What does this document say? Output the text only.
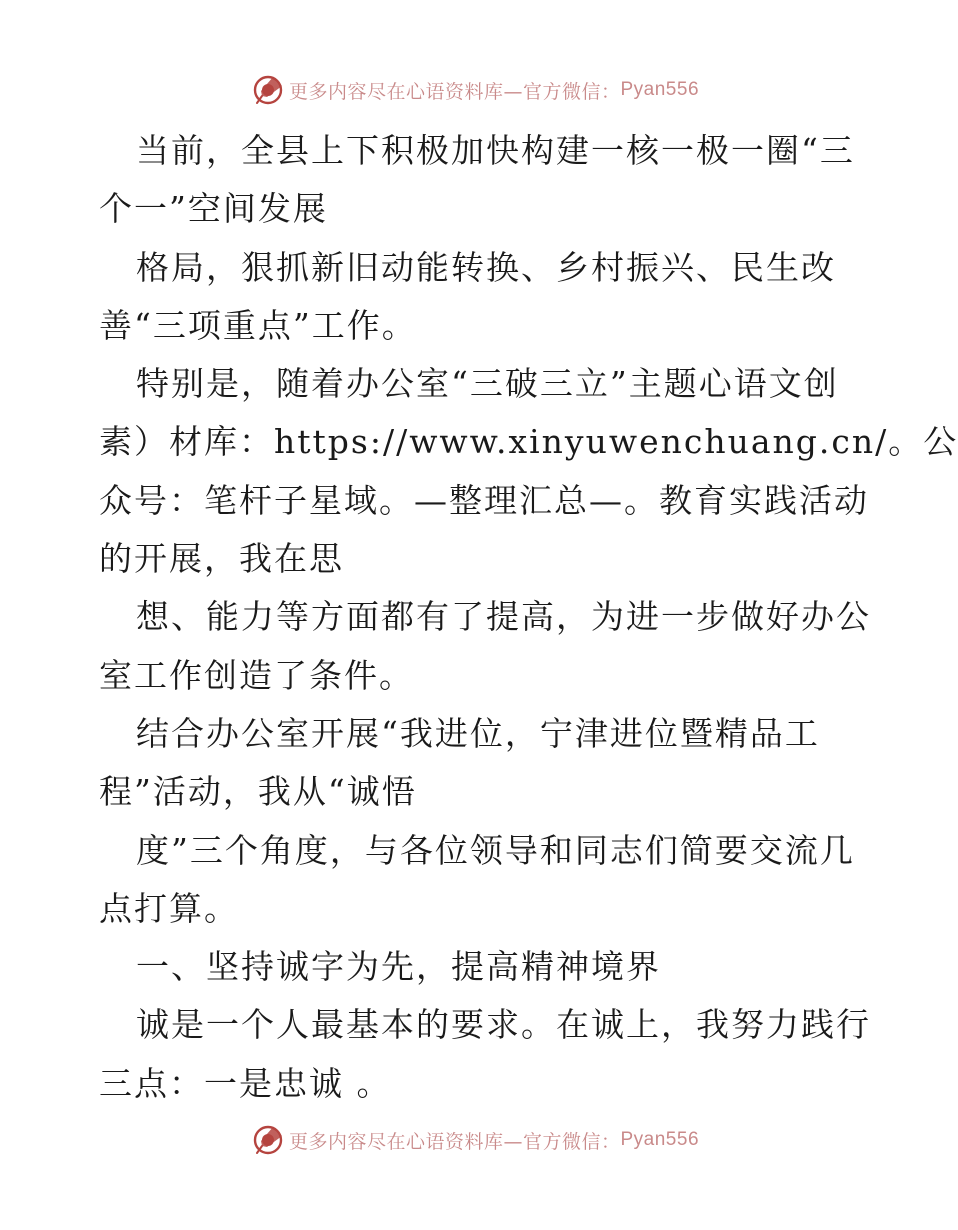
更多内容尽在心语资料库—官方微信： Pyan556
当前，全县上下积极加快构建一核一极一圈“三
个一”空间发展
格局，狠抓新旧动能转换、乡村振兴、民生改
善“三项重点”工作。
特别是，随着办公室“三破三立”主题心语文创
素）材库：https://www.xinyuwenchuang.cn/。公
众号：笔杆子星域。—整理汇总—。教育实践活动
的开展，我在思
想、能力等方面都有了提高，为进一步做好办公
室工作创造了条件。
结合办公室开展“我进位，宁津进位暨精品工
程”活动，我从“诚悟
度”三个角度，与各位领导和同志们简要交流几
点打算。
一、坚持诚字为先，提高精神境界
诚是一个人最基本的要求。在诚上，我努力践行
三点：一是忠诚 。
更多内容尽在心语资料库—官方微信： Pyan556
